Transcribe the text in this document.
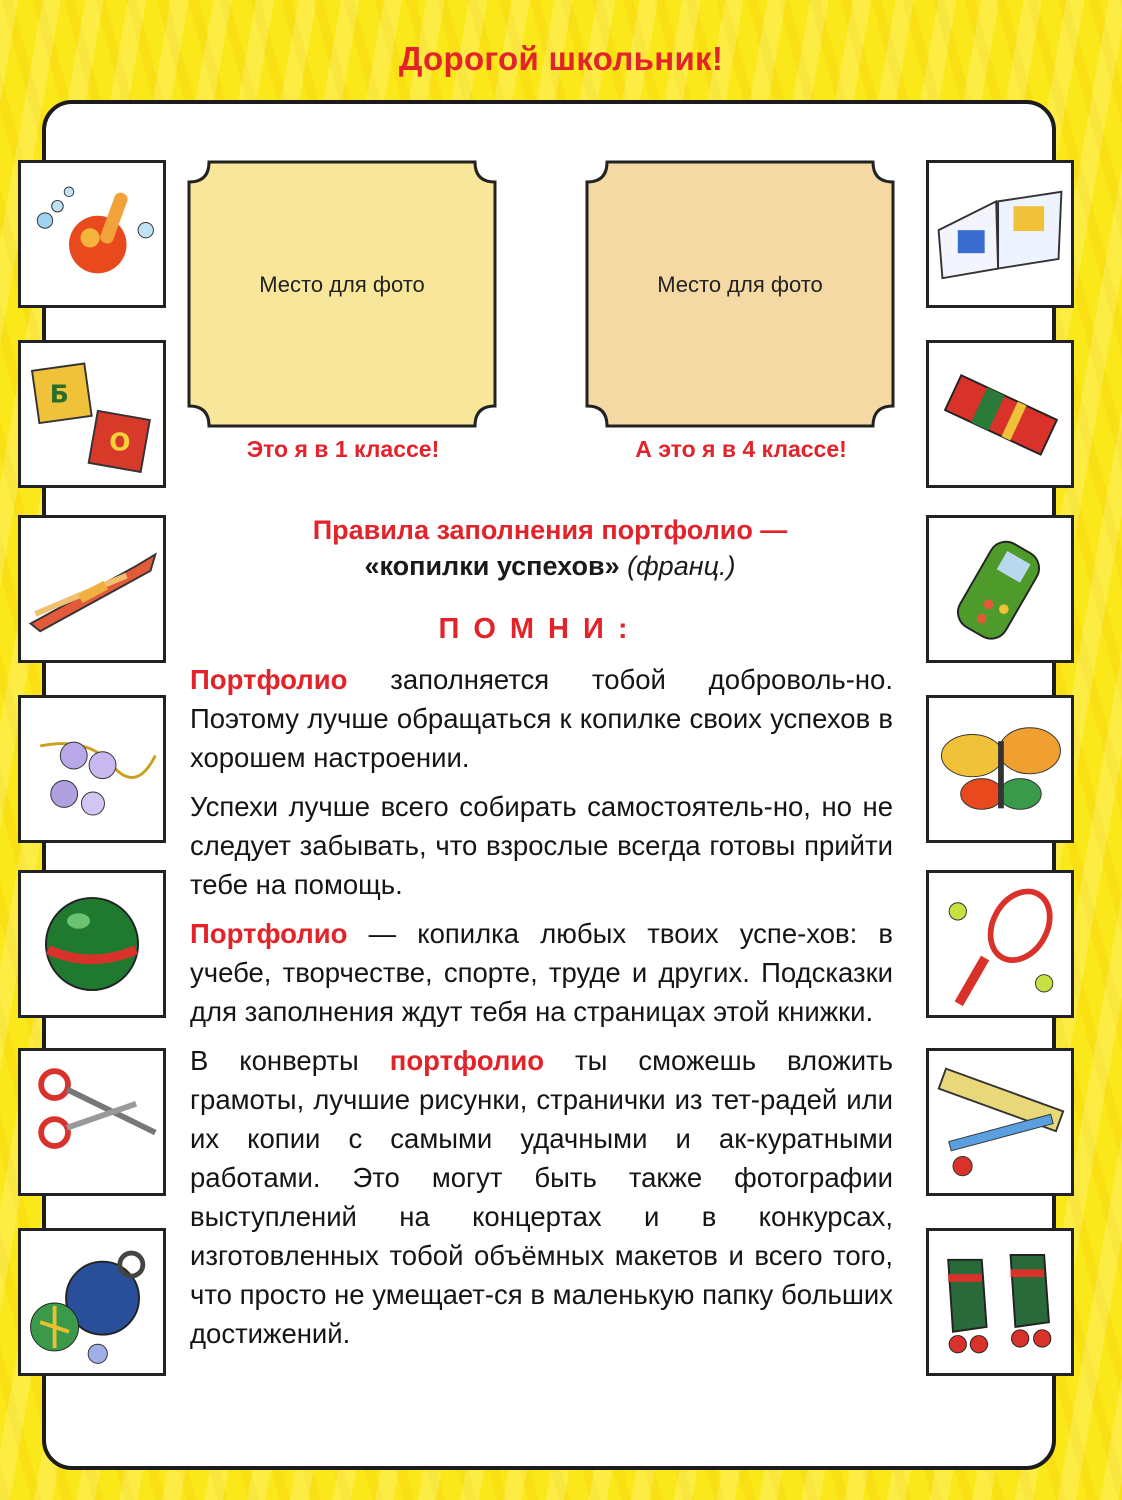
Дорогой школьник!
Б
О
Место для фото	Место для фото
Это я в 1 классе!	А это я в 4 классе!
Правила заполнения портфолио —
«копилки успехов» (франц.)
ПОМНИ:

Портфолио заполняется тобой доброволь-но. Поэтому лучше обращаться к копилке своих успехов в хорошем настроении.

Успехи лучше всего собирать самостоятель-но, но не следует забывать, что взрослые всегда готовы прийти тебе на помощь.

Портфолио — копилка любых твоих успе-хов: в учебе, творчестве, спорте, труде и других. Подсказки для заполнения ждут тебя на страницах этой книжки.

В конверты портфолио ты сможешь вложить грамоты, лучшие рисунки, странички из тет-радей или их копии с самыми удачными и ак-куратными работами. Это могут быть также фотографии выступлений на концертах и в конкурсах, изготовленных тобой объёмных макетов и всего того, что просто не умещает-ся в маленькую папку больших достижений.
